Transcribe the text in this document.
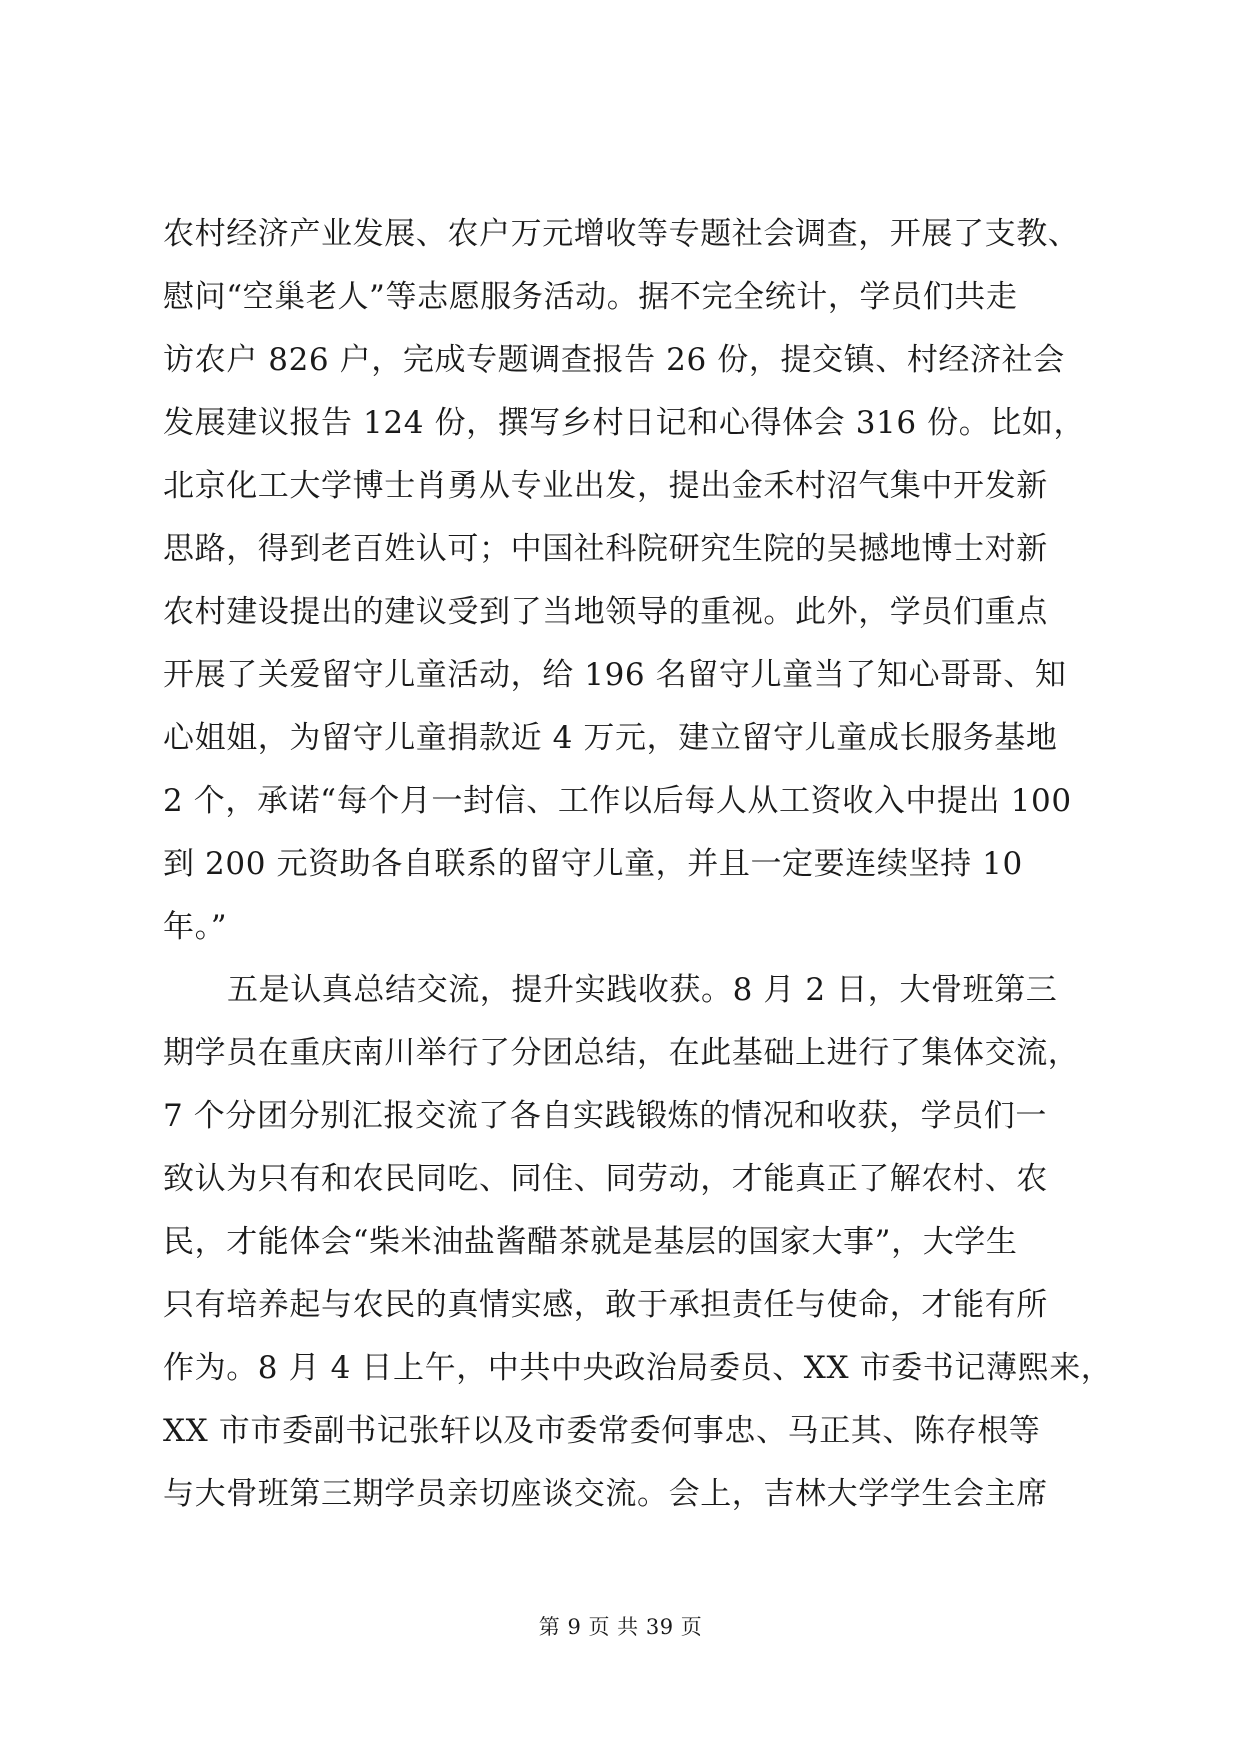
农村经济产业发展、农户万元增收等专题社会调查，开展了支教、
慰问“空巢老人”等志愿服务活动。据不完全统计，学员们共走
访农户 826 户，完成专题调查报告 26 份，提交镇、村经济社会
发展建议报告 124 份，撰写乡村日记和心得体会 316 份。比如，
北京化工大学博士肖勇从专业出发，提出金禾村沼气集中开发新
思路，得到老百姓认可；中国社科院研究生院的吴撼地博士对新
农村建设提出的建议受到了当地领导的重视。此外，学员们重点
开展了关爱留守儿童活动，给 196 名留守儿童当了知心哥哥、知
心姐姐，为留守儿童捐款近 4 万元，建立留守儿童成长服务基地
2 个，承诺“每个月一封信、工作以后每人从工资收入中提出 100
到 200 元资助各自联系的留守儿童，并且一定要连续坚持 10
年。”
五是认真总结交流，提升实践收获。8 月 2 日，大骨班第三
期学员在重庆南川举行了分团总结，在此基础上进行了集体交流，
7 个分团分别汇报交流了各自实践锻炼的情况和收获，学员们一
致认为只有和农民同吃、同住、同劳动，才能真正了解农村、农
民，才能体会“柴米油盐酱醋茶就是基层的国家大事”，大学生
只有培养起与农民的真情实感，敢于承担责任与使命，才能有所
作为。8 月 4 日上午，中共中央政治局委员、XX 市委书记薄熙来，
XX 市市委副书记张轩以及市委常委何事忠、马正其、陈存根等
与大骨班第三期学员亲切座谈交流。会上，吉林大学学生会主席
第 9 页 共 39 页
